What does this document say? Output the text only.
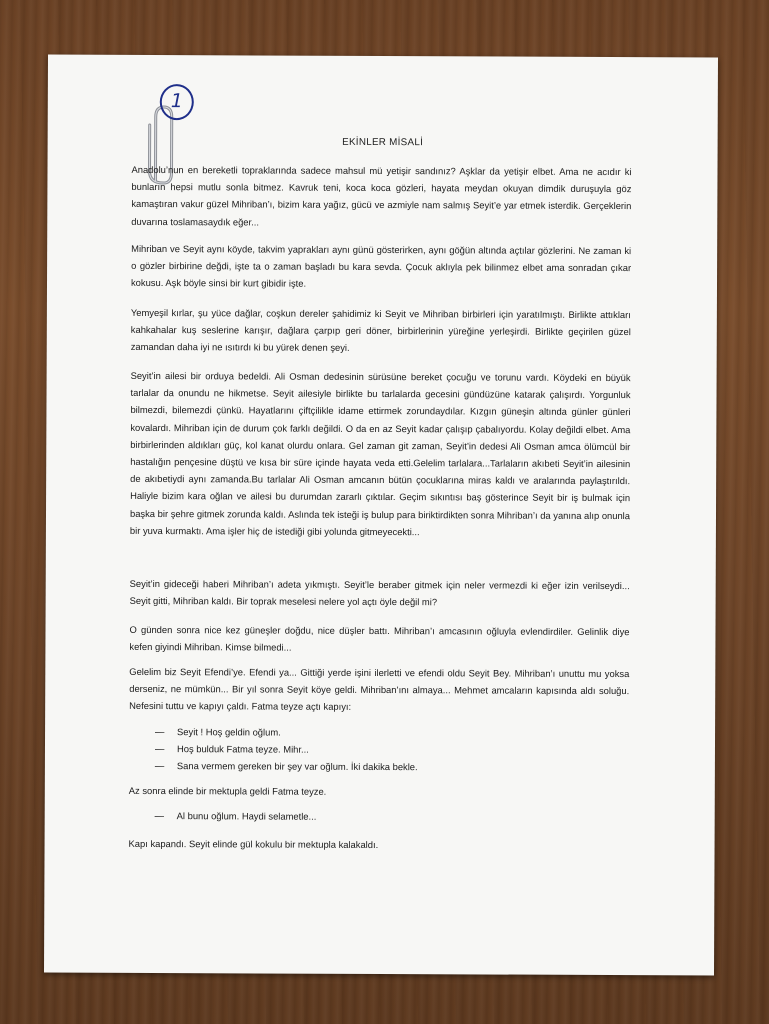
1
EKİNLER MİSALİ

Anadolu’nun en bereketli topraklarında sadece mahsul mü yetişir sandınız? Aşklar da yetişir elbet. Ama ne acıdır ki bunların hepsi mutlu sonla bitmez. Kavruk teni, koca koca gözleri, hayata meydan okuyan dimdik duruşuyla göz kamaştıran vakur güzel Mihriban’ı, bizim kara yağız, gücü ve azmiyle nam salmış Seyit’e yar etmek isterdik. Gerçeklerin duvarına toslamasaydık eğer...

Mihriban ve Seyit aynı köyde, takvim yaprakları aynı günü gösterirken, aynı göğün altında açtılar gözlerini. Ne zaman ki o gözler birbirine değdi, işte ta o zaman başladı bu kara sevda. Çocuk aklıyla pek bilinmez elbet ama sonradan çıkar kokusu. Aşk böyle sinsi bir kurt gibidir işte.

Yemyeşil kırlar, şu yüce dağlar, coşkun dereler şahidimiz ki Seyit ve Mihriban birbirleri için yaratılmıştı. Birlikte attıkları kahkahalar kuş seslerine karışır, dağlara çarpıp geri döner, birbirlerinin yüreğine yerleşirdi. Birlikte geçirilen güzel zamandan daha iyi ne ısıtırdı ki bu yürek denen şeyi.

Seyit’in ailesi bir orduya bedeldi. Ali Osman dedesinin sürüsüne bereket çocuğu ve torunu vardı. Köydeki en büyük tarlalar da onundu ne hikmetse. Seyit ailesiyle birlikte bu tarlalarda gecesini gündüzüne katarak çalışırdı. Yorgunluk bilmezdi, bilemezdi çünkü. Hayatlarını çiftçilikle idame ettirmek zorundaydılar. Kızgın güneşin altında günler günleri kovalardı. Mihriban için de durum çok farklı değildi. O da en az Seyit kadar çalışıp çabalıyordu. Kolay değildi elbet. Ama birbirlerinden aldıkları güç, kol kanat olurdu onlara. Gel zaman git zaman, Seyit’in dedesi Ali Osman amca ölümcül bir hastalığın pençesine düştü ve kısa bir süre içinde hayata veda etti.Gelelim tarlalara...Tarlaların akıbeti Seyit’in ailesinin de akıbetiydi aynı zamanda.Bu tarlalar Ali Osman amcanın bütün çocuklarına miras kaldı ve aralarında paylaştırıldı. Haliyle bizim kara oğlan ve ailesi bu durumdan zararlı çıktılar. Geçim sıkıntısı baş gösterince Seyit bir iş bulmak için başka bir şehre gitmek zorunda kaldı. Aslında tek isteği iş bulup para biriktirdikten sonra Mihriban’ı da yanına alıp onunla bir yuva kurmaktı. Ama işler hiç de istediği gibi yolunda gitmeyecekti...

Seyit’in gideceği haberi Mihriban’ı adeta yıkmıştı. Seyit’le beraber gitmek için neler vermezdi ki eğer izin verilseydi... Seyit gitti, Mihriban kaldı. Bir toprak meselesi nelere yol açtı öyle değil mi?

O günden sonra nice kez güneşler doğdu, nice düşler battı. Mihriban’ı amcasının oğluyla evlendirdiler. Gelinlik diye kefen giyindi Mihriban. Kimse bilmedi...

Gelelim biz Seyit Efendi’ye. Efendi ya... Gittiği yerde işini ilerletti ve efendi oldu Seyit Bey. Mihriban’ı unuttu mu yoksa derseniz, ne mümkün... Bir yıl sonra Seyit köye geldi. Mihriban’ını almaya... Mehmet amcaların kapısında aldı soluğu. Nefesini tuttu ve kapıyı çaldı. Fatma teyze açtı kapıyı:

— Seyit ! Hoş geldin oğlum.
— Hoş bulduk Fatma teyze. Mihr...
— Sana vermem gereken bir şey var oğlum. İki dakika bekle.

Az sonra elinde bir mektupla geldi Fatma teyze.

— Al bunu oğlum. Haydi selametle...

Kapı kapandı. Seyit elinde gül kokulu bir mektupla kalakaldı.
